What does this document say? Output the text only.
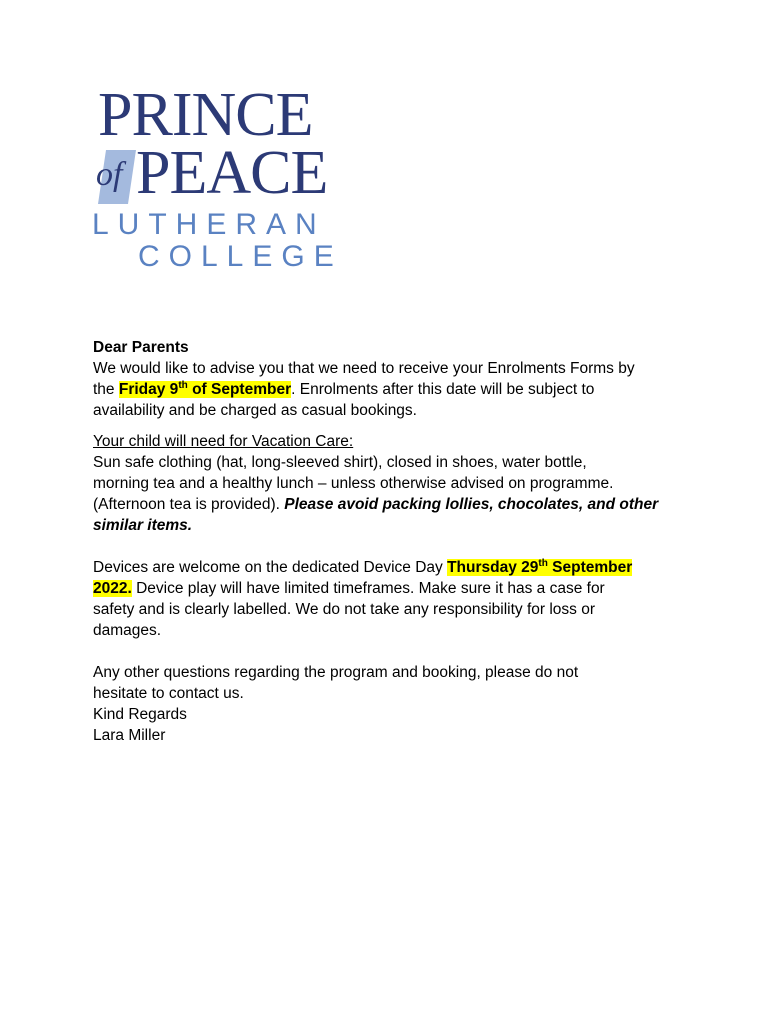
PRINCE
of PEACE
LUTHERAN
COLLEGE

Dear Parents

We would like to advise you that we need to receive your Enrolments Forms by
the Friday 9th of September. Enrolments after this date will be subject to
availability and be charged as casual bookings.

Your child will need for Vacation Care:
Sun safe clothing (hat, long-sleeved shirt), closed in shoes, water bottle,
morning tea and a healthy lunch – unless otherwise advised on programme.
(Afternoon tea is provided). Please avoid packing lollies, chocolates, and other
similar items.

Devices are welcome on the dedicated Device Day Thursday 29th September
2022. Device play will have limited timeframes. Make sure it has a case for
safety and is clearly labelled. We do not take any responsibility for loss or
damages.

Any other questions regarding the program and booking, please do not
hesitate to contact us.
Kind Regards
Lara Miller
